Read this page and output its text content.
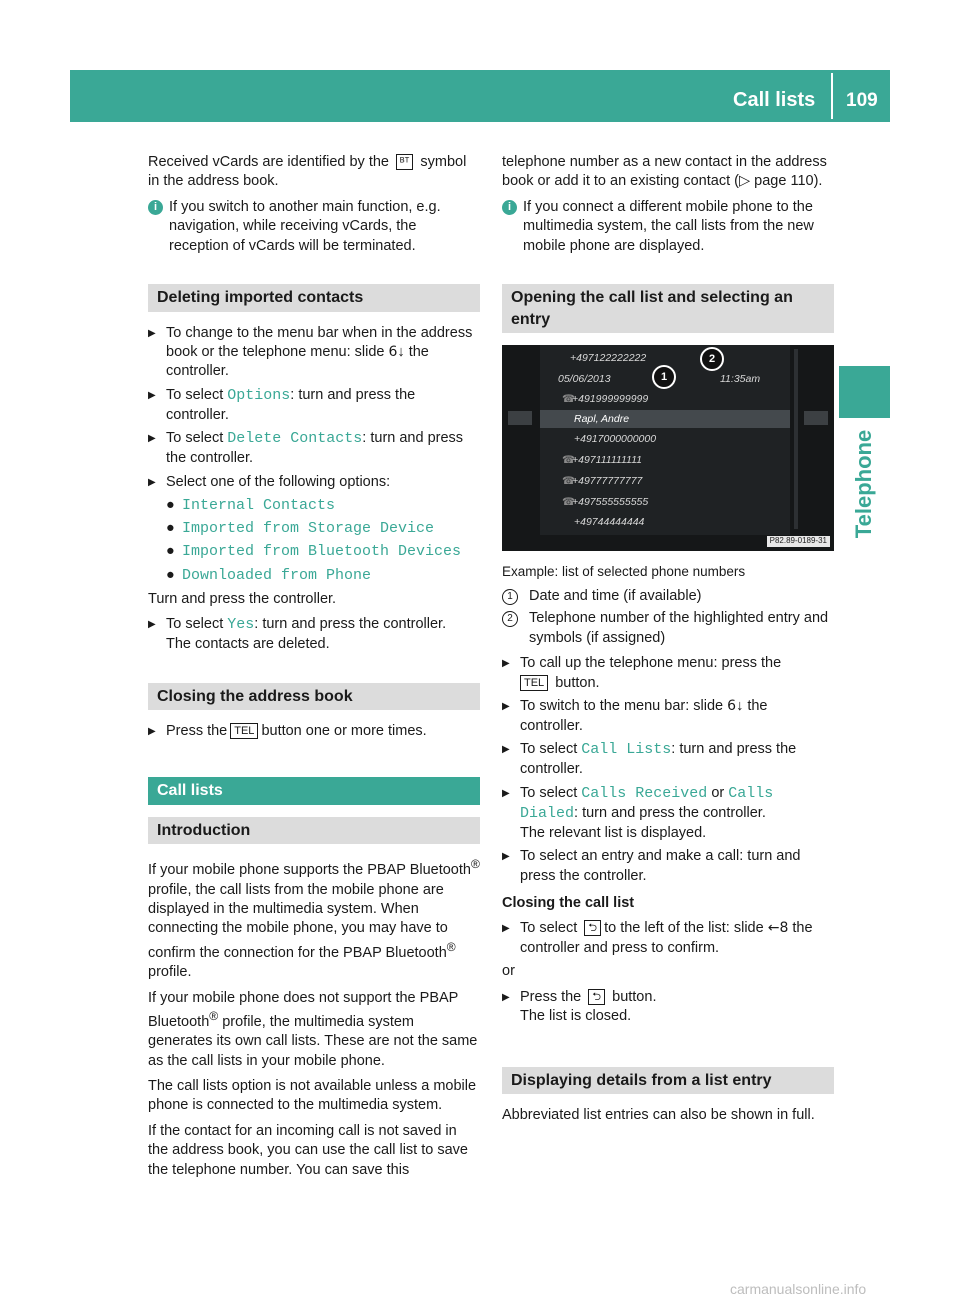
Call lists 109
Telephone

Received vCards are identified by the ᴮᵀ symbol in the address book.

i If you switch to another main function, e.g. navigation, while receiving vCards, the reception of vCards will be terminated.
Deleting imported contacts
▶ To change to the menu bar when in the address book or the telephone menu: slide 6↓ the controller.
▶ To select Options: turn and press the controller.
▶ To select Delete Contacts: turn and press the controller.
▶ Select one of the following options:
● Internal Contacts
● Imported from Storage Device
● Imported from Bluetooth Devices
● Downloaded from Phone

Turn and press the controller.

▶ To select Yes: turn and press the controller.
The contacts are deleted.
Closing the address book
▶ Press the TEL button one or more times.
Call lists
Introduction

If your mobile phone supports the PBAP Bluetooth® profile, the call lists from the mobile phone are displayed in the multimedia system. When connecting the mobile phone, you may have to confirm the connection for the PBAP Bluetooth® profile.

If your mobile phone does not support the PBAP Bluetooth® profile, the multimedia system generates its own call lists. These are not the same as the call lists in your mobile phone.

The call lists option is not available unless a mobile phone is connected to the multimedia system.

If the contact for an incoming call is not saved in the address book, you can use the call list to save the telephone number. You can save this

telephone number as a new contact in the address book or add it to an existing contact (▷ page 110).

i If you connect a different mobile phone to the multimedia system, the call lists from the new mobile phone are displayed.
Opening the call list and selecting an entry
+497122222222
05/06/2013	11:35am
☎+491999999999
Rapl, Andre
+4917000000000
☎+497111111111
☎+49777777777
☎+497555555555
+49744444444
1
2
P82.89-0189-31
Example: list of selected phone numbers
1	Date and time (if available)
2	Telephone number of the highlighted entry and symbols (if assigned)
▶ To call up the telephone menu: press the
TEL button.
▶ To switch to the menu bar: slide 6↓ the controller.
▶ To select Call Lists: turn and press the controller.
▶ To select Calls Received or Calls Dialed: turn and press the controller.
The relevant list is displayed.
▶ To select an entry and make a call: turn and press the controller.
Closing the call list
▶ To select ⮌ to the left of the list: slide ←8 the controller and press to confirm.

or

▶ Press the ⮌ button.
The list is closed.
Displaying details from a list entry

Abbreviated list entries can also be shown in full.

carmanualsonline.info
